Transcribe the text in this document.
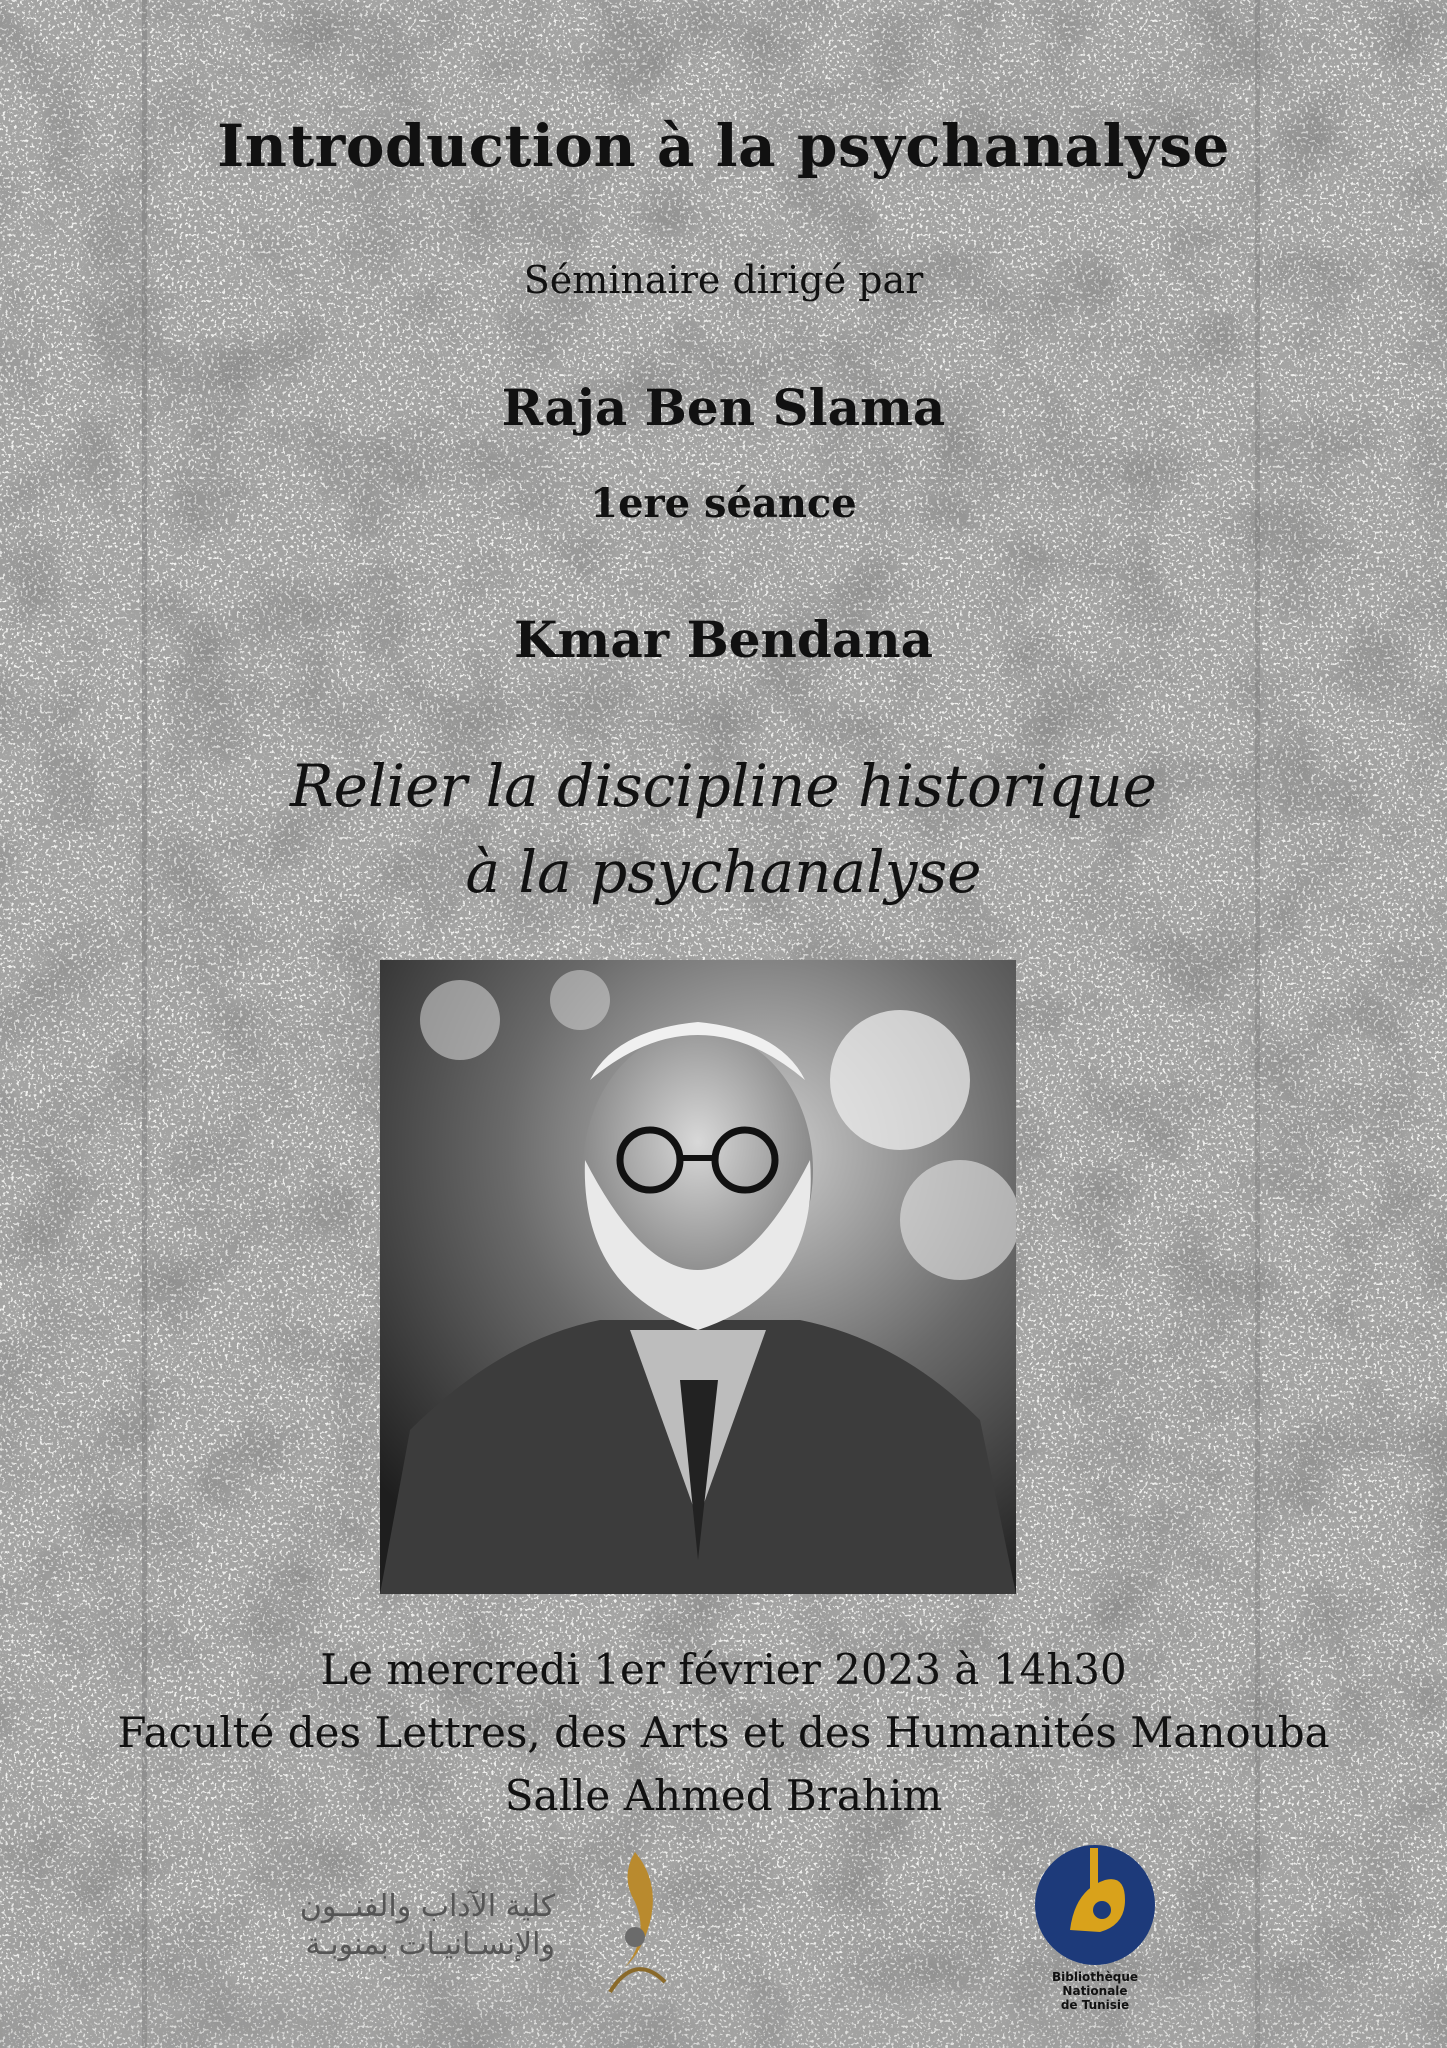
Introduction à la psychanalyse
Séminaire dirigé par
Raja Ben Slama
1ere séance
Kmar Bendana
Relier la discipline historique
à la psychanalyse
Le mercredi 1er février 2023 à 14h30
Faculté des Lettres, des Arts et des Humanités Manouba
Salle Ahmed Brahim
كلية الآداب والفنــون
والإنسـانيـات بمنوبـة
Bibliothèque Nationale
de Tunisie
